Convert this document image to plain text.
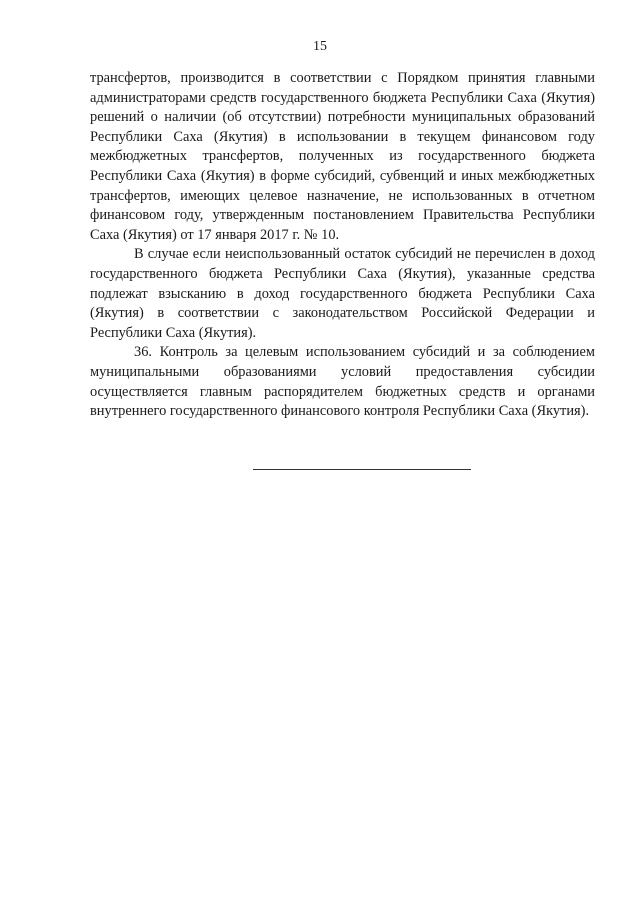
15

трансфертов, производится в соответствии с Порядком принятия главными администраторами средств государственного бюджета Республики Саха (Якутия) решений о наличии (об отсутствии) потребности муниципальных образований Республики Саха (Якутия) в использовании в текущем финансовом году межбюджетных трансфертов, полученных из государственного бюджета Республики Саха (Якутия) в форме субсидий, субвенций и иных межбюджетных трансфертов, имеющих целевое назначение, не использованных в отчетном финансовом году, утвержденным постановлением Правительства Республики Саха (Якутия) от 17 января 2017 г. № 10.

В случае если неиспользованный остаток субсидий не перечислен в доход государственного бюджета Республики Саха (Якутия), указанные средства подлежат взысканию в доход государственного бюджета Республики Саха (Якутия) в соответствии с законодательством Российской Федерации и Республики Саха (Якутия).

36. Контроль за целевым использованием субсидий и за соблюдением муниципальными образованиями условий предоставления субсидии осуществляется главным распорядителем бюджетных средств и органами внутреннего государственного финансового контроля Республики Саха (Якутия).
